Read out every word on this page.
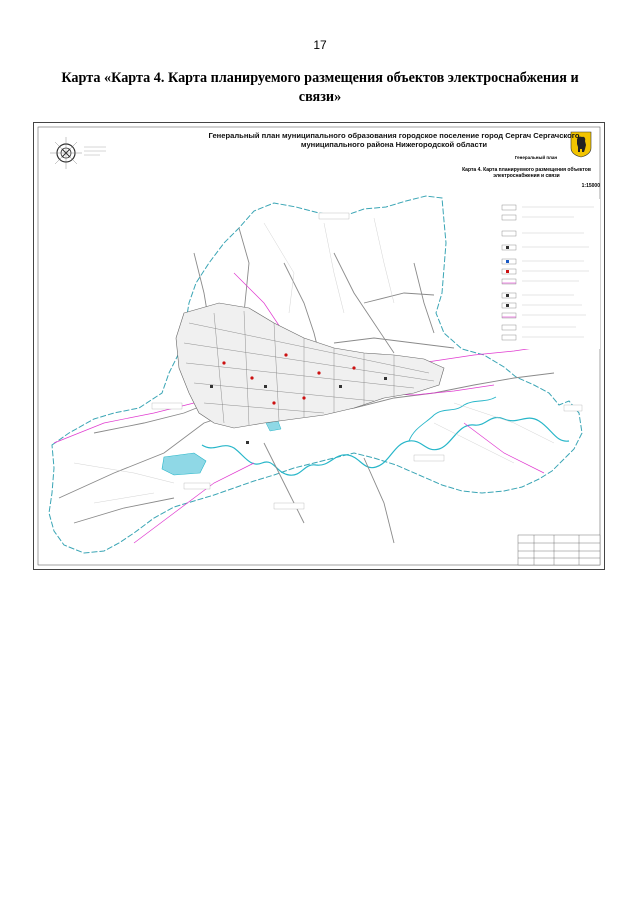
17
Карта «Карта 4. Карта планируемого размещения объектов электроснабжения и связи»
Генеральный план муниципального образования городское поселение город Сергач Сергачского муниципального района Нижегородской области
Генеральный план
Карта 4. Карта планируемого размещения объектов электроснабжения и связи
1:15000
